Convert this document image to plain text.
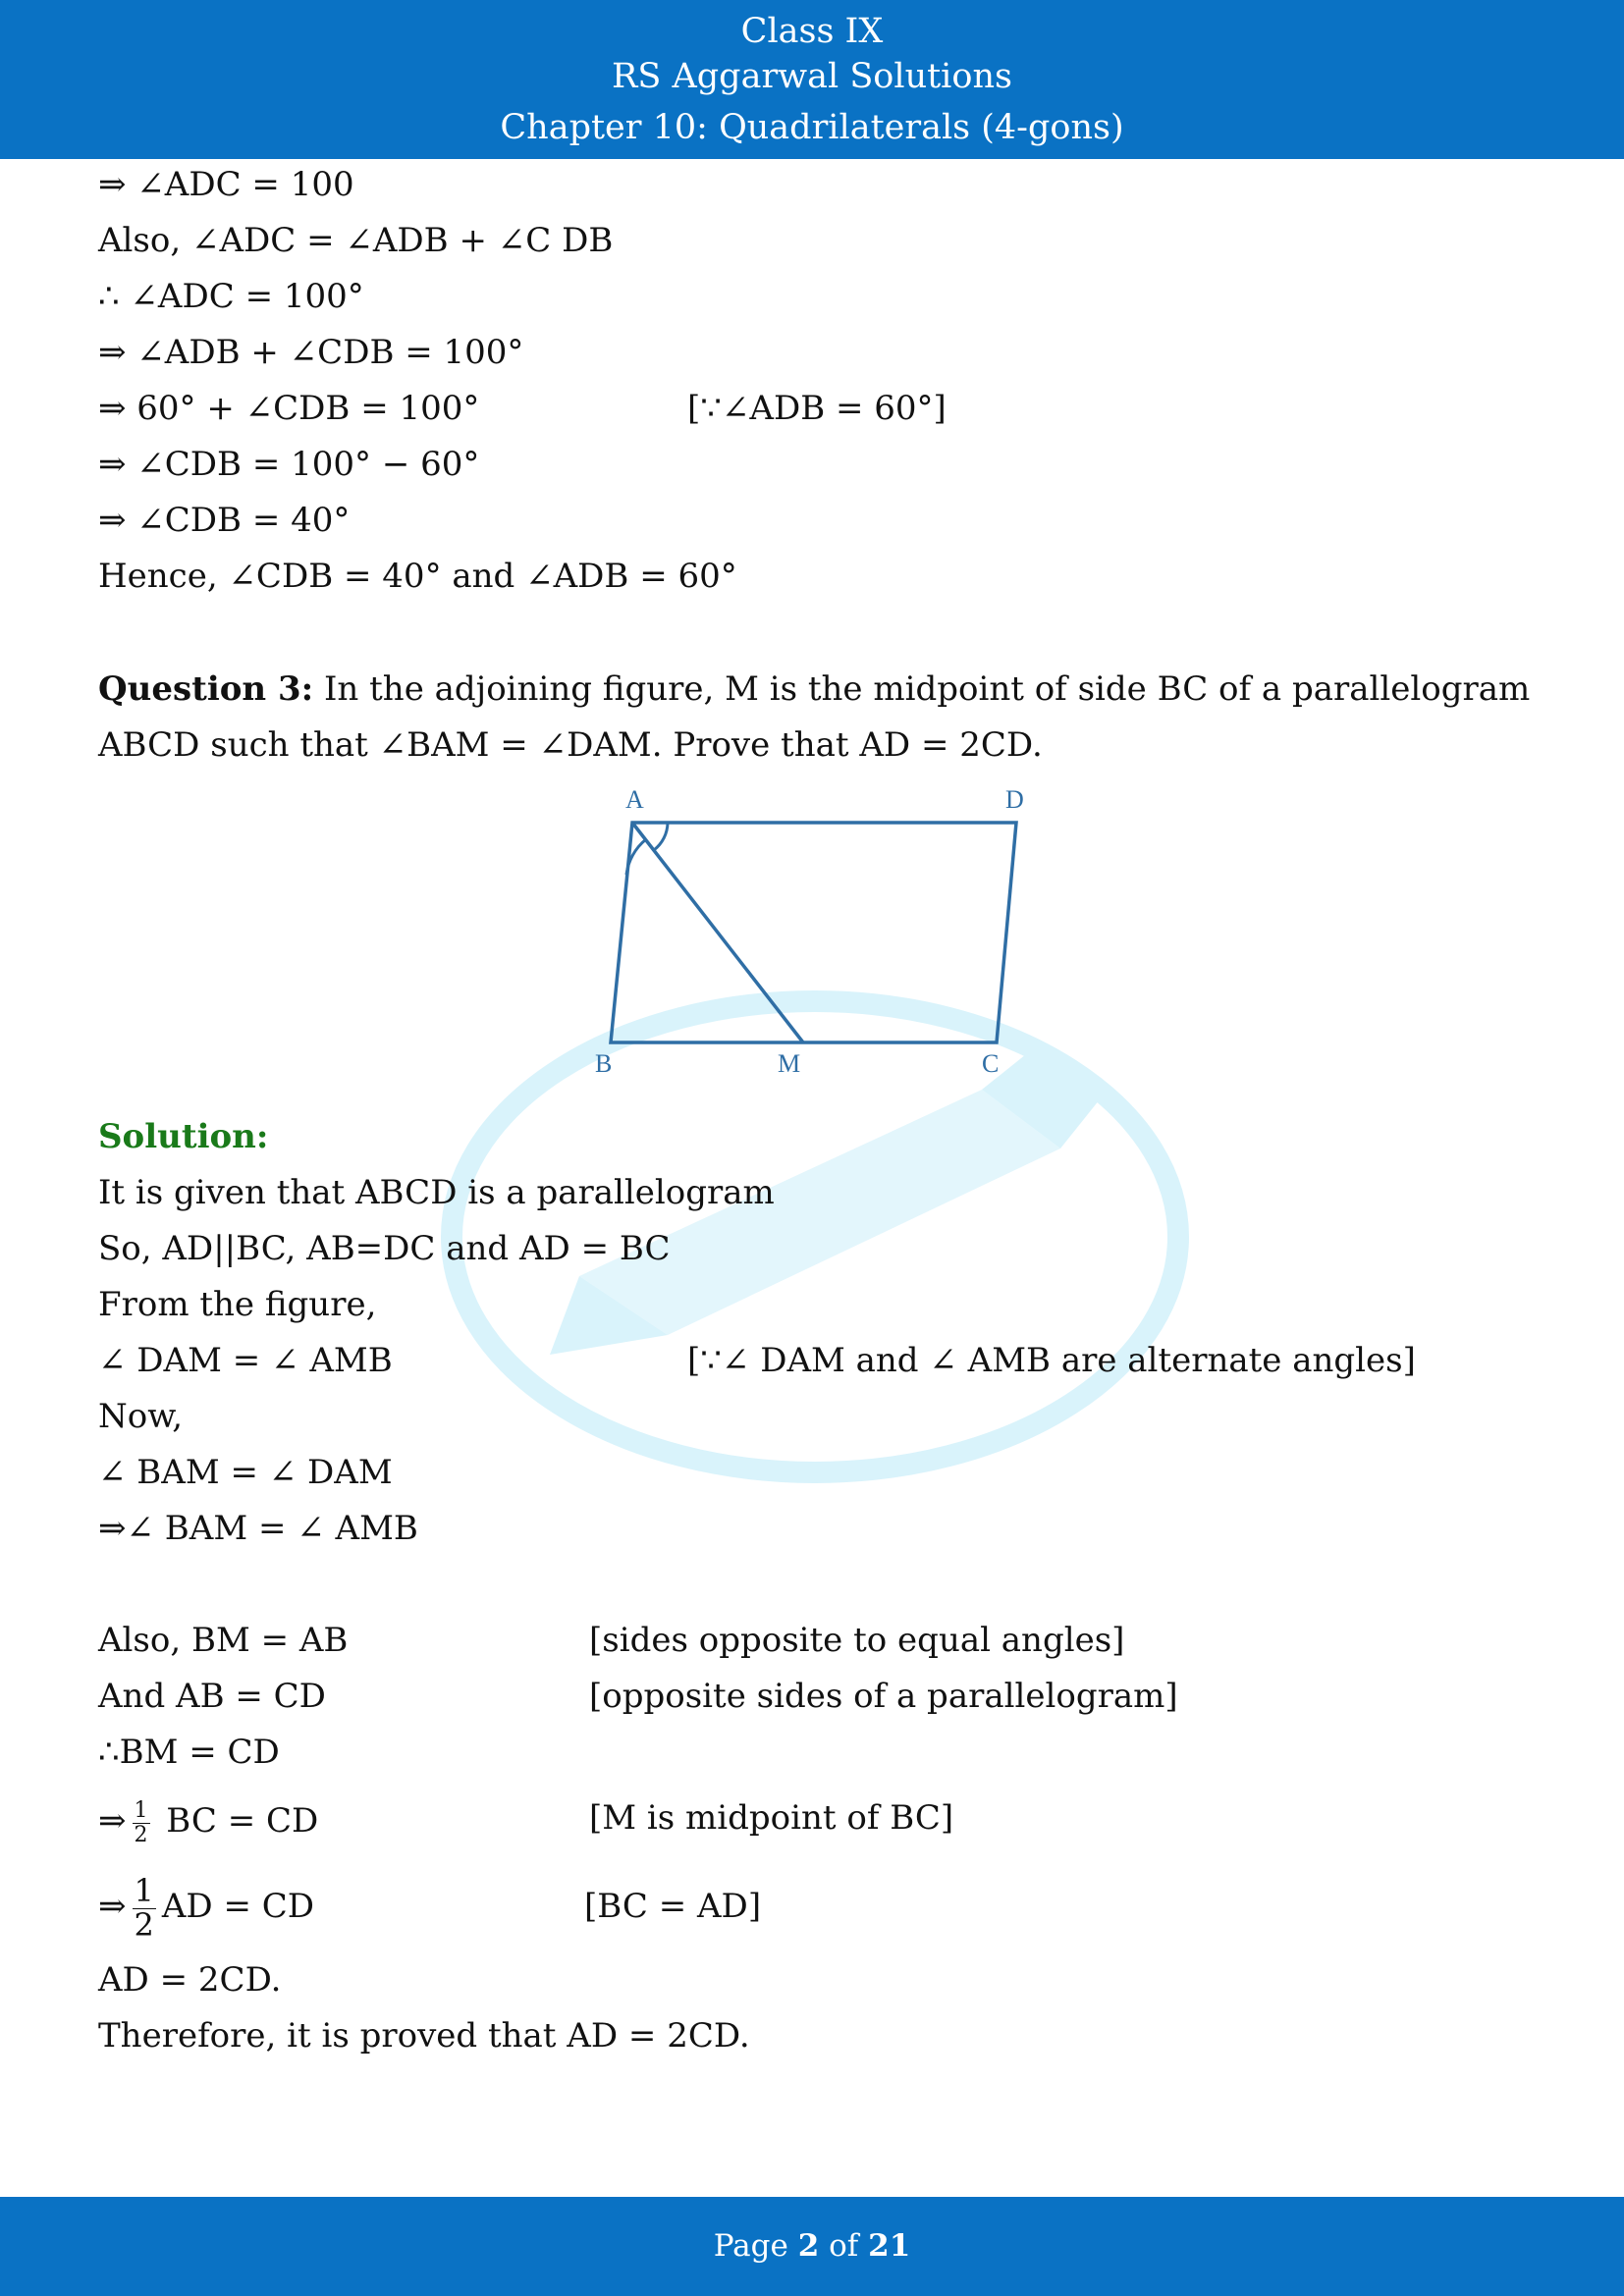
Class IX
RS Aggarwal Solutions
Chapter 10: Quadrilaterals (4-gons)
⇒ ∠ADC = 100
Also, ∠ADC = ∠ADB + ∠C DB
∴ ∠ADC = 100°
⇒ ∠ADB + ∠CDB = 100°
⇒ 60° + ∠CDB = 100°	[∵∠ADB = 60°]
⇒ ∠CDB = 100° − 60°
⇒ ∠CDB = 40°
Hence, ∠CDB = 40° and ∠ADB = 60°
Question 3: In the adjoining figure, M is the midpoint of side BC of a parallelogram
ABCD such that ∠BAM = ∠DAM. Prove that AD = 2CD.
A	D
B	M	C
Solution:
It is given that ABCD is a parallelogram
So, AD||BC, AB=DC and AD = BC
From the figure,
∠ DAM = ∠ AMB	[∵∠ DAM and ∠ AMB are alternate angles]
Now,
∠ BAM = ∠ DAM
⇒∠ BAM = ∠ AMB
Also, BM = AB	[sides opposite to equal angles]
And AB = CD	[opposite sides of a parallelogram]
∴BM = CD
⇒ $\frac{1}{2}$ BC = CD	[M is midpoint of BC]
⇒ $\frac{1}{2}$ AD = CD	[BC = AD]
AD = 2CD.
Therefore, it is proved that AD = 2CD.
Page 2 of 21
